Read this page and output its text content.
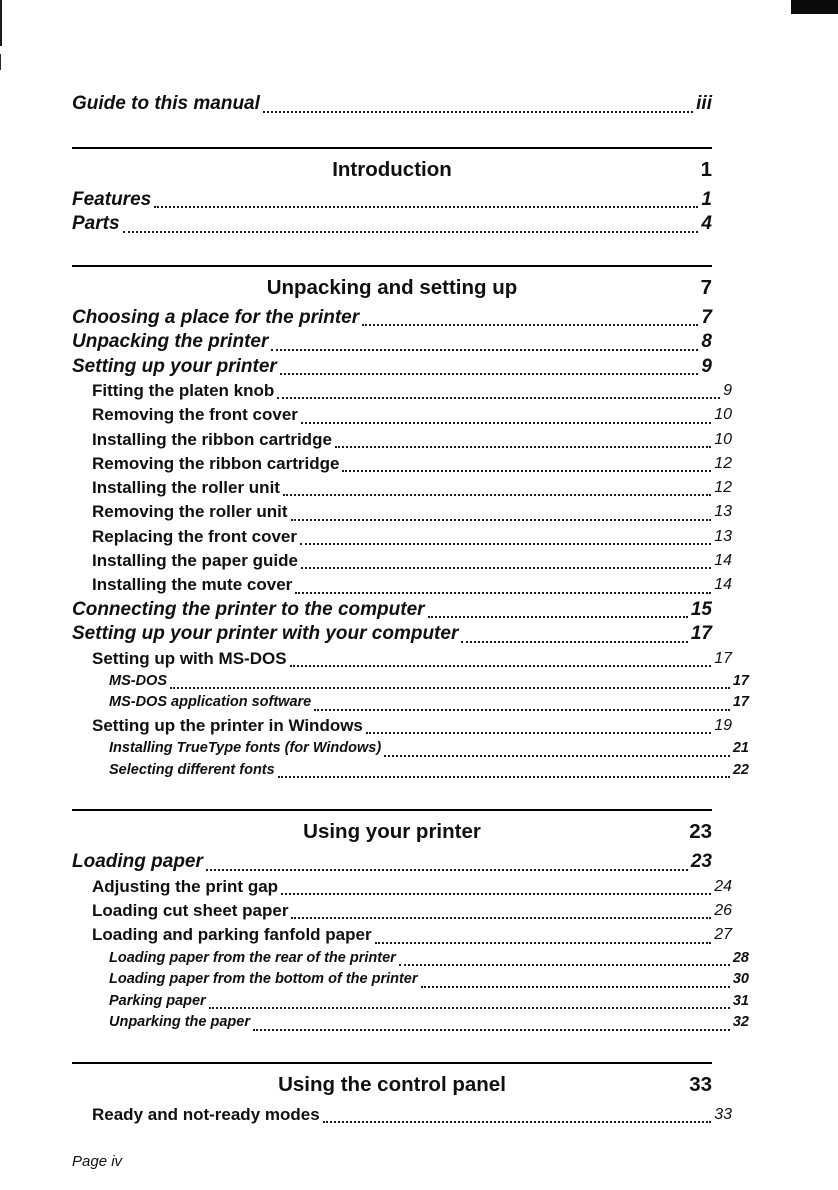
Guide to this manual	iii
Introduction	1
Features	1
Parts	4
Unpacking and setting up	7
Choosing a place for the printer	7
Unpacking the printer	8
Setting up your printer	9
Fitting the platen knob	9
Removing the front cover	10
Installing the ribbon cartridge	10
Removing the ribbon cartridge	12
Installing the roller unit	12
Removing the roller unit	13
Replacing the front cover	13
Installing the paper guide	14
Installing the mute cover	14
Connecting the printer to the computer	15
Setting up your printer with your computer	17
Setting up with MS-DOS	17
MS-DOS	17
MS-DOS application software	17
Setting up the printer in Windows	19
Installing TrueType fonts (for Windows)	21
Selecting different fonts	22
Using your printer	23
Loading paper	23
Adjusting the print gap	24
Loading cut sheet paper	26
Loading and parking fanfold paper	27
Loading paper from the rear of the printer	28
Loading paper from the bottom of the printer	30
Parking paper	31
Unparking the paper	32
Using the control panel	33
Ready and not-ready modes	33
Page iv
